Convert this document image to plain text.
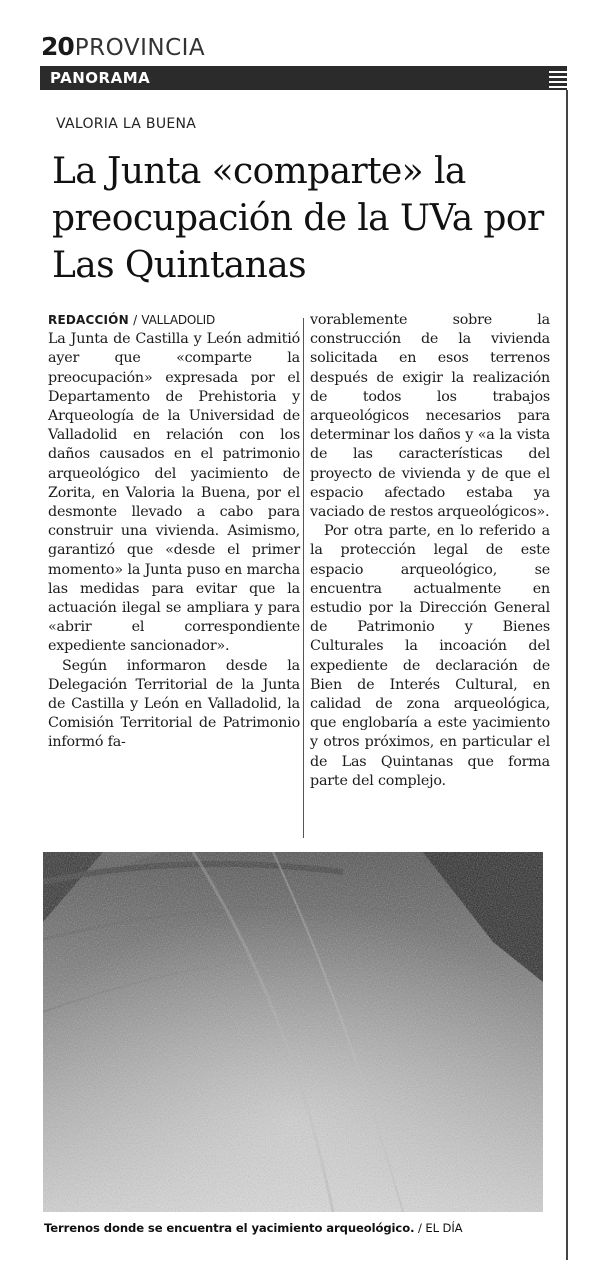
20 PROVINCIA
PANORAMA
VALORIA LA BUENA
La Junta «comparte» la preocupación de la UVa por Las Quintanas

REDACCIÓN / VALLADOLID
La Junta de Castilla y León admitió ayer que «comparte la preocupación» expresada por el Departamento de Prehistoria y Arqueología de la Universidad de Valladolid en relación con los daños causados en el patrimonio arqueológico del yacimiento de Zorita, en Valoria la Buena, por el desmonte llevado a cabo para construir una vivienda. Asimismo, garantizó que «desde el primer momento» la Junta puso en marcha las medidas para evitar que la actuación ilegal se ampliara y para «abrir el correspondiente expediente sancionador».

Según informaron desde la Delegación Territorial de la Junta de Castilla y León en Valladolid, la Comisión Territorial de Patrimonio informó fa-

vorablemente sobre la construcción de la vivienda solicitada en esos terrenos después de exigir la realización de todos los trabajos arqueológicos necesarios para determinar los daños y «a la vista de las características del proyecto de vivienda y de que el espacio afectado estaba ya vaciado de restos arqueológicos».

Por otra parte, en lo referido a la protección legal de este espacio arqueológico, se encuentra actualmente en estudio por la Dirección General de Patrimonio y Bienes Culturales la incoación del expediente de declaración de Bien de Interés Cultural, en calidad de zona arqueológica, que englobaría a este yacimiento y otros próximos, en particular el de Las Quintanas que forma parte del complejo.

Terrenos donde se encuentra el yacimiento arqueológico. / EL DÍA
